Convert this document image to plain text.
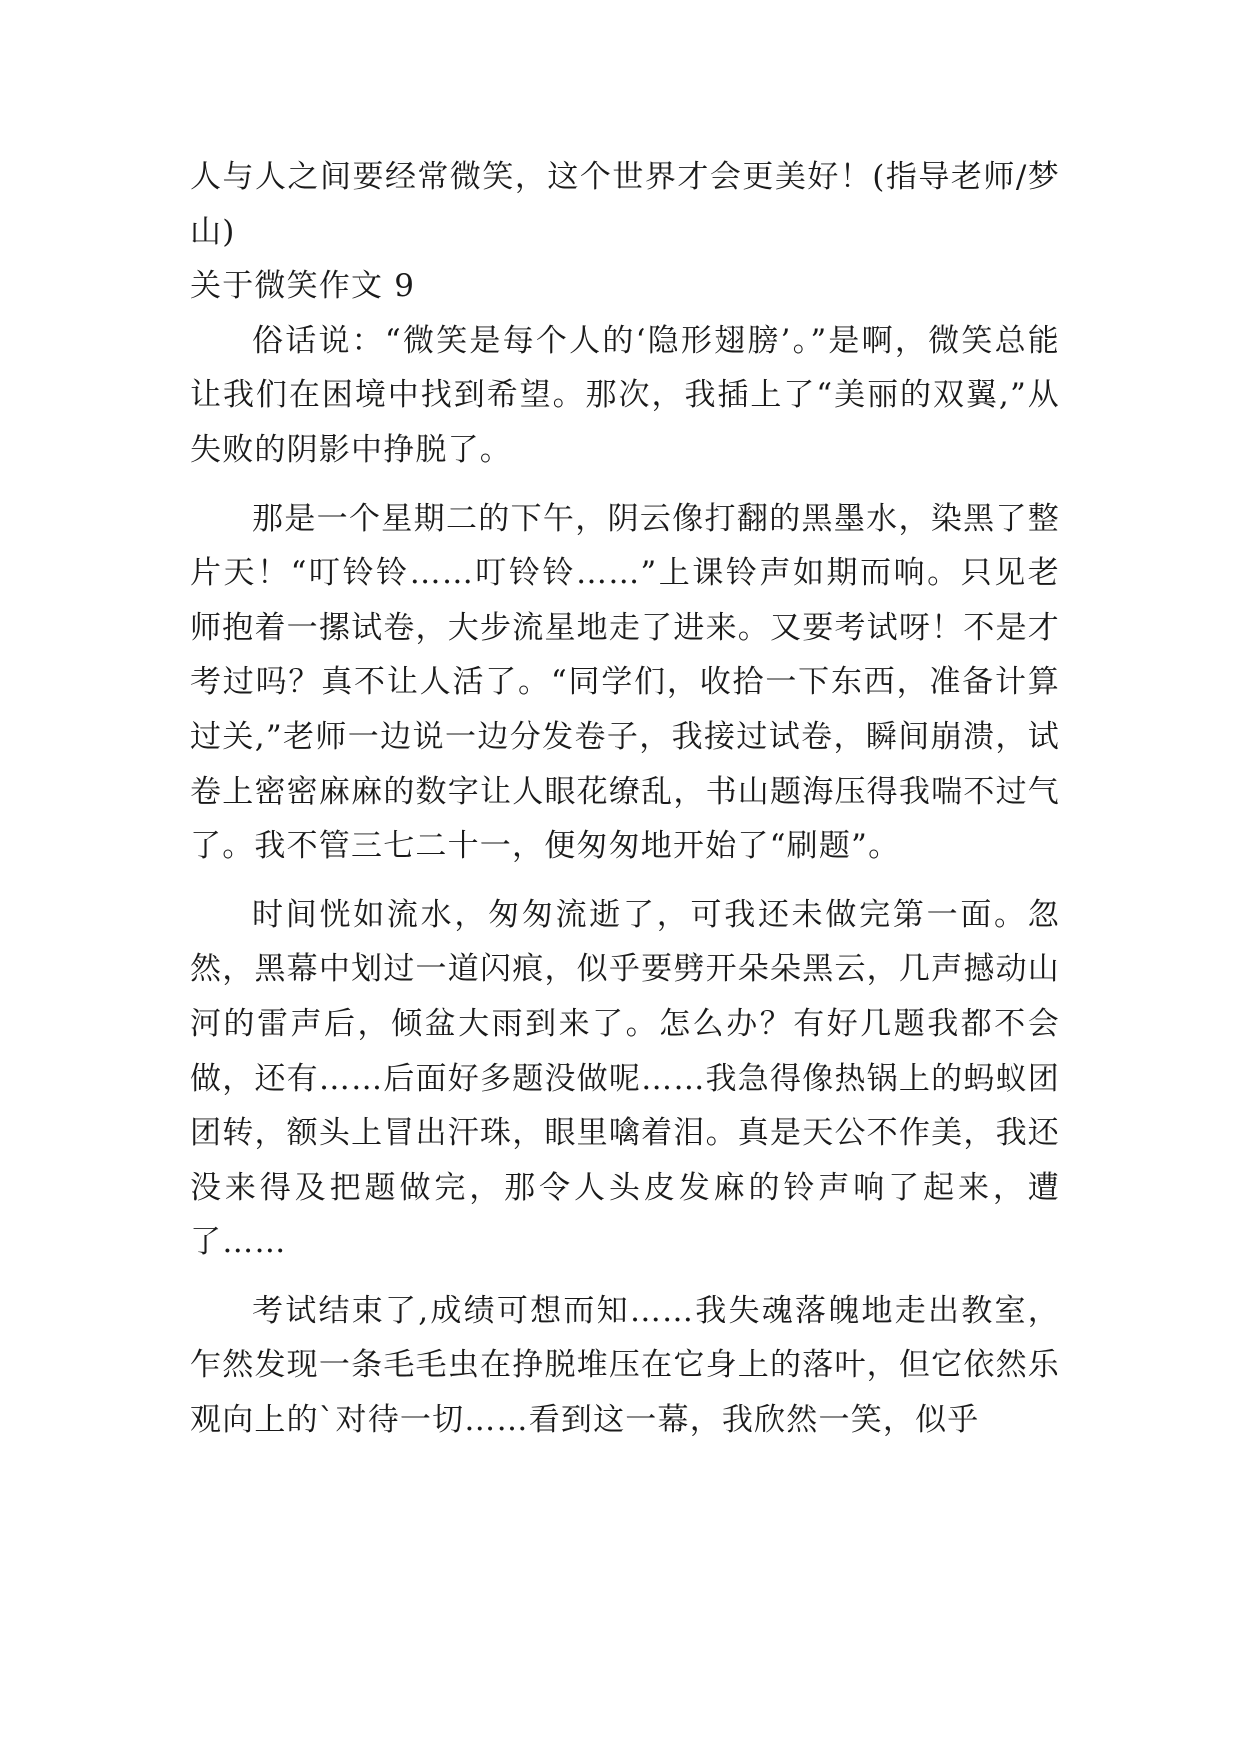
人与人之间要经常微笑，这个世界才会更美好！(指导老师/梦　山)

关于微笑作文 9

俗话说：“微笑是每个人的‘隐形翅膀’。”是啊，微笑总能让我们在困境中找到希望。那次，我插上了“美丽的双翼,”从失败的阴影中挣脱了。

那是一个星期二的下午，阴云像打翻的黑墨水，染黑了整片天！“叮铃铃……叮铃铃……”上课铃声如期而响。只见老师抱着一摞试卷，大步流星地走了进来。又要考试呀！不是才考过吗？真不让人活了。“同学们，收拾一下东西，准备计算过关,”老师一边说一边分发卷子，我接过试卷，瞬间崩溃，试卷上密密麻麻的数字让人眼花缭乱，书山题海压得我喘不过气了。我不管三七二十一，便匆匆地开始了“刷题”。

时间恍如流水，匆匆流逝了，可我还未做完第一面。忽然，黑幕中划过一道闪痕，似乎要劈开朵朵黑云，几声撼动山河的雷声后，倾盆大雨到来了。怎么办？有好几题我都不会做，还有……后面好多题没做呢……我急得像热锅上的蚂蚁团团转，额头上冒出汗珠，眼里噙着泪。真是天公不作美，我还没来得及把题做完，那令人头皮发麻的铃声响了起来，遭了……

考试结束了,成绩可想而知……我失魂落魄地走出教室，乍然发现一条毛毛虫在挣脱堆压在它身上的落叶，但它依然乐观向上的`对待一切……看到这一幕，我欣然一笑，似乎
